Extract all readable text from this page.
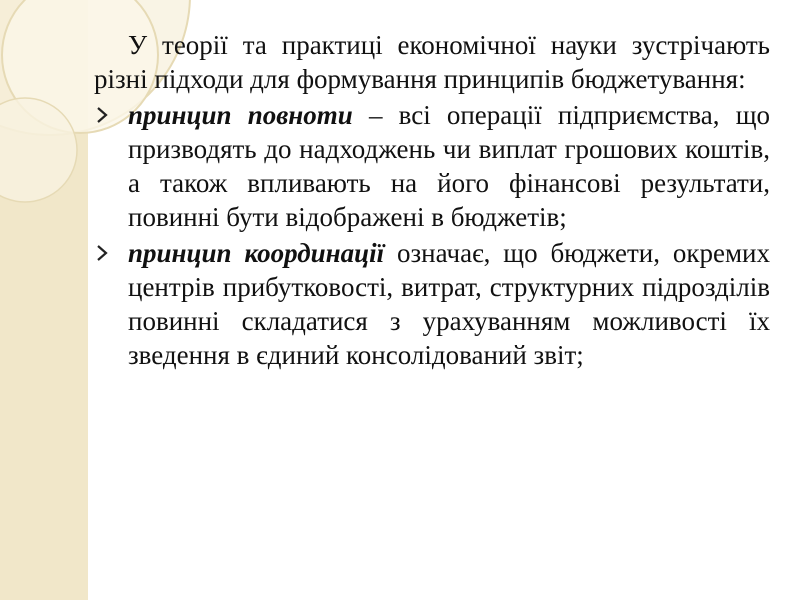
У теорії та практиці економічної науки зустрічають різні підходи для формування принципів бюджетування:

принцип повноти – всі операції підприємства, що призводять до надходжень чи виплат грошових коштів, а також впливають на його фінансові результати, повинні бути відображені в бюджетів;
принцип координації означає, що бюджети, окремих центрів прибутковості, витрат, структурних підрозділів повинні складатися з урахуванням можливості їх зведення в єдиний консолідований звіт;
